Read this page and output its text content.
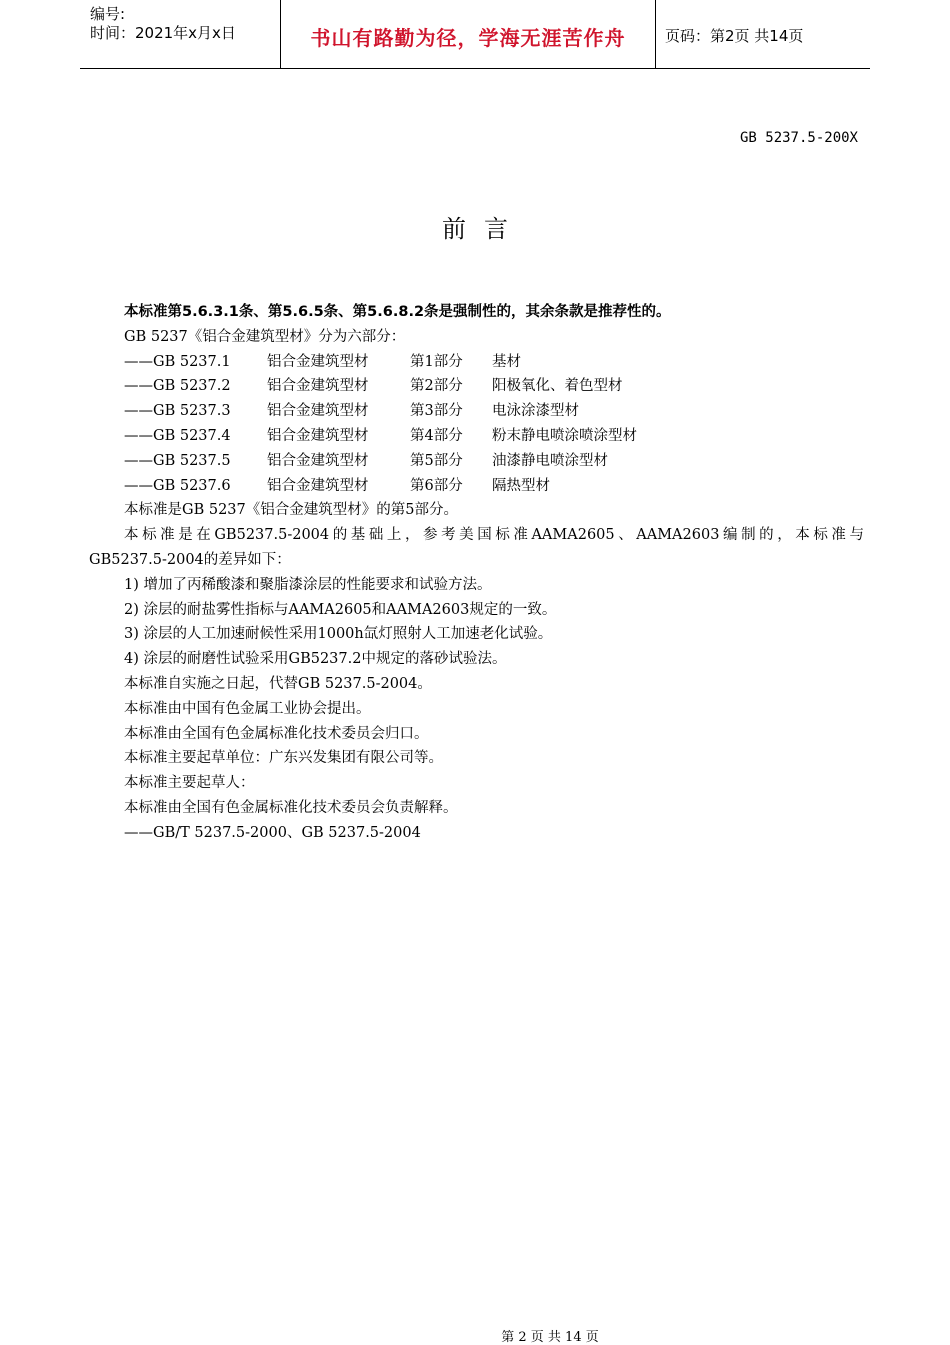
编号:
时间：2021年x月x日	书山有路勤为径，学海无涯苦作舟	页码：第2页 共14页
GB 5237.5-200X
前言
本标准第5.6.3.1条、第5.6.5条、第5.6.8.2条是强制性的，其余条款是推荐性的。
GB 5237《铝合金建筑型材》分为六部分：
——GB 5237.1	铝合金建筑型材	第1部分 基材
——GB 5237.2	铝合金建筑型材	第2部分 阳极氧化、着色型材
——GB 5237.3	铝合金建筑型材	第3部分 电泳涂漆型材
——GB 5237.4	铝合金建筑型材	第4部分 粉末静电喷涂喷涂型材
——GB 5237.5	铝合金建筑型材	第5部分 油漆静电喷涂型材
——GB 5237.6	铝合金建筑型材	第6部分 隔热型材
本标准是GB 5237《铝合金建筑型材》的第5部分。
本标准是在GB5237.5-2004的基础上，参考美国标准AAMA2605、AAMA2603编制的，本标准与
GB5237.5-2004的差异如下：
1) 增加了丙稀酸漆和聚脂漆涂层的性能要求和试验方法。
2) 涂层的耐盐雾性指标与AAMA2605和AAMA2603规定的一致。
3) 涂层的人工加速耐候性采用1000h氙灯照射人工加速老化试验。
4) 涂层的耐磨性试验采用GB5237.2中规定的落砂试验法。
本标准自实施之日起，代替GB 5237.5-2004。
本标准由中国有色金属工业协会提出。
本标准由全国有色金属标准化技术委员会归口。
本标准主要起草单位：广东兴发集团有限公司等。
本标准主要起草人：
本标准由全国有色金属标准化技术委员会负责解释。
——GB/T 5237.5-2000、GB 5237.5-2004
第 2 页 共 14 页
